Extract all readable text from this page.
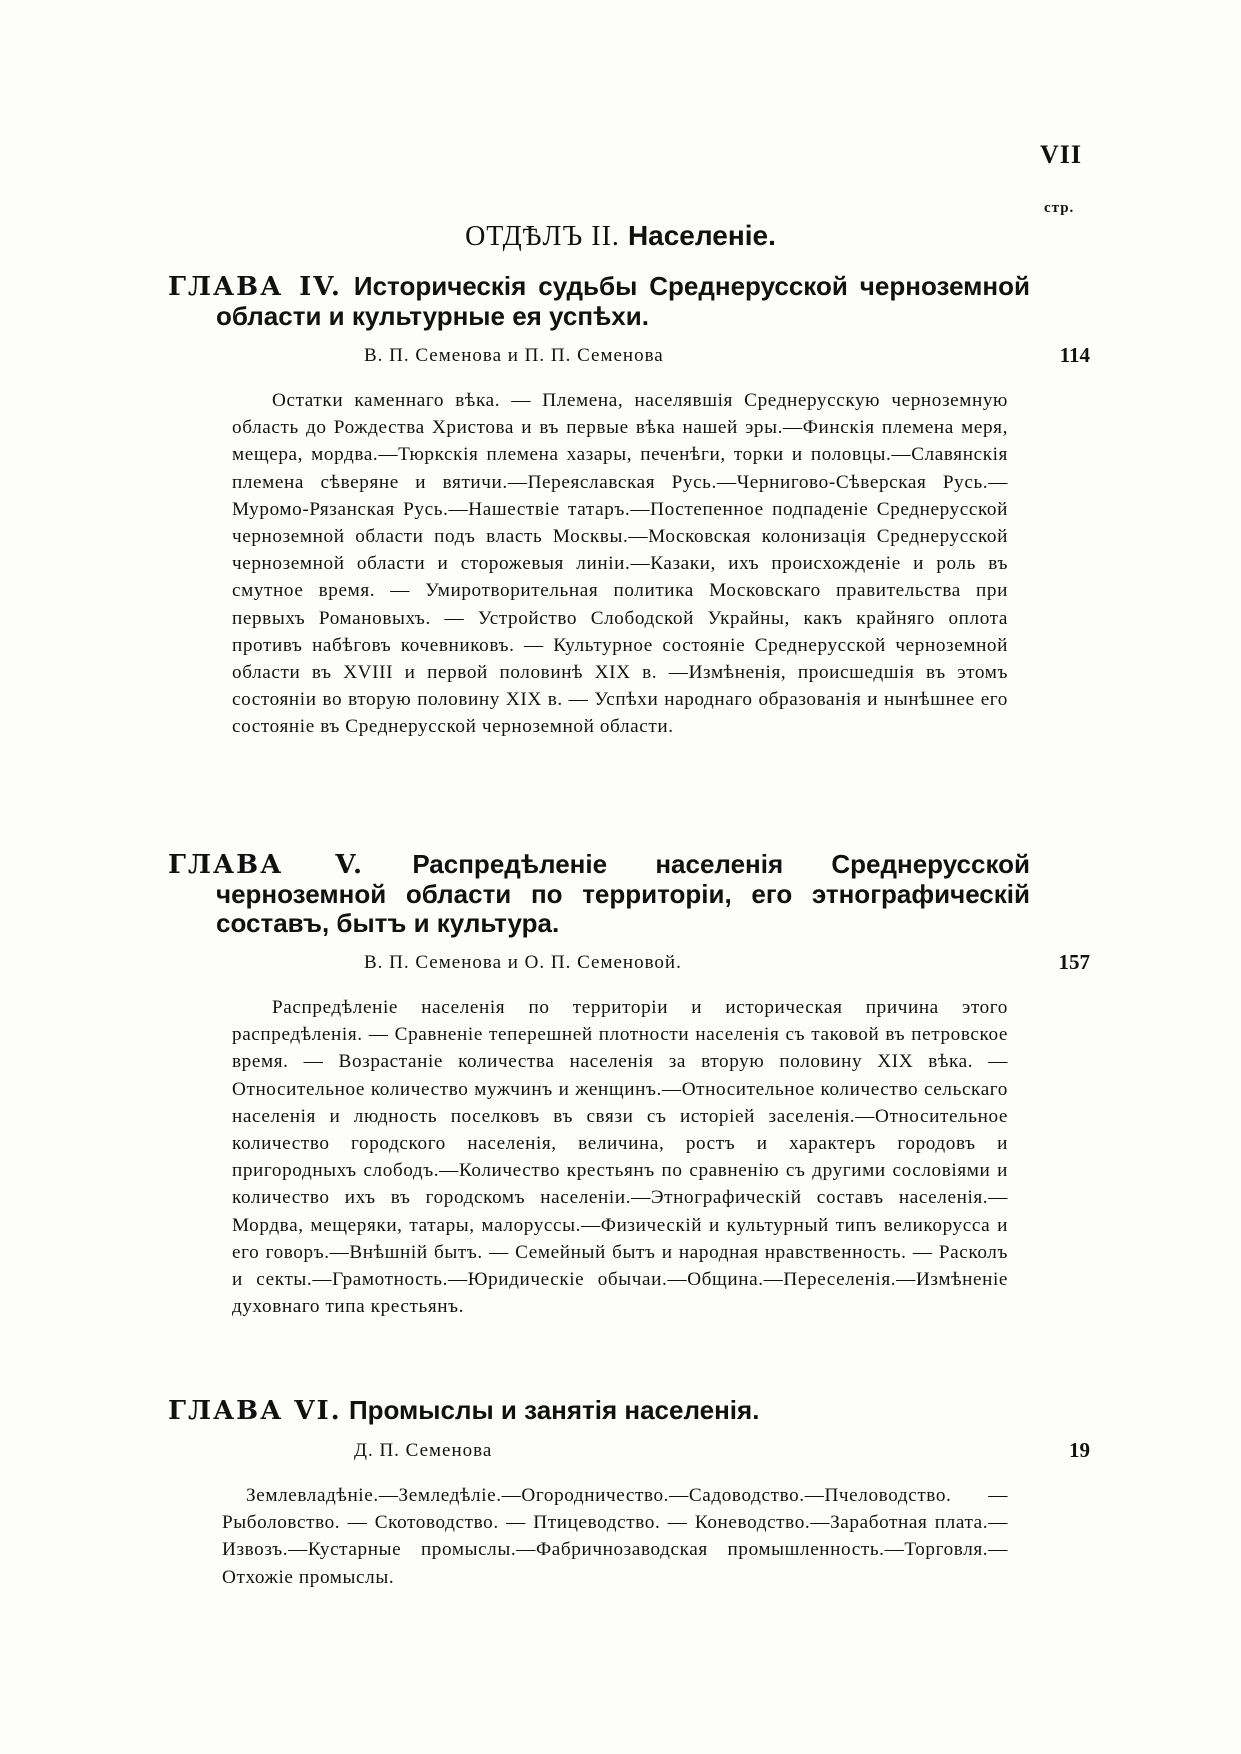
VII
стр.
ОТДѢЛЪ II. Населеніе.
ГЛАВА IV. Историческія судьбы Среднерусской черноземной области и культурные ея успѣхи.
В. П. Семенова и П. П. Семенова	114
Остатки каменнаго вѣка. — Племена, населявшія Среднерусскую черноземную область до Рождества Христова и въ первые вѣка нашей эры.—Финскія племена меря, мещера, мордва.—Тюркскія племена хазары, печенѣги, торки и половцы.—Славянскія племена сѣверяне и вятичи.—Переяславская Русь.—Черниговo-Сѣверская Русь.—Муромо-Рязанская Русь.—Нашествіе татаръ.—Постепенное подпаденіе Среднерусской черноземной области подъ власть Москвы.—Московская колонизація Среднерусской черноземной области и сторожевыя линіи.—Казаки, ихъ происхожденіе и роль въ смутное время. — Умиротворительная политика Московскаго правительства при первыхъ Романовыхъ. — Устройство Слободской Украйны, какъ крайняго оплота противъ набѣговъ кочевниковъ. — Культурное состояніе Среднерусской черноземной области въ XVIII и первой половинѣ XIX в. —Измѣненія, происшедшія въ этомъ состояніи во вторую половину XIX в. — Успѣхи народнаго образованія и нынѣшнее его состояніе въ Среднерусской черноземной области.
ГЛАВА V. Распредѣленіе населенія Среднерусской черноземной области по территоріи, его этнографическій составъ, бытъ и культура.
В. П. Семенова и О. П. Семеновой.	157
Распредѣленіе населенія по территоріи и историческая причина этого распредѣленія. — Сравненіе теперешней плотности населенія съ таковой въ петровское время. — Возрастаніе количества населенія за вторую половину XIX вѣка. — Относительное количество мужчинъ и женщинъ.—Относительное количество сельскаго населенія и людность поселковъ въ связи съ исторіей заселенія.—Относительное количество городского населенія, величина, ростъ и характеръ городовъ и пригородныхъ слободъ.—Количество крестьянъ по сравненію съ другими сословіями и количество ихъ въ городскомъ населеніи.—Этнографическій составъ населенія.—Мордва, мещеряки, татары, малоруссы.—Физическій и культурный типъ великорусса и его говоръ.—Внѣшній бытъ. — Семейный бытъ и народная нравственность. — Расколъ и секты.—Грамотность.—Юридическіе обычаи.—Община.—Переселенія.—Измѣненіе духовнаго типа крестьянъ.
ГЛАВА VI. Промыслы и занятія населенія.
Д. П. Семенова	19
Землевладѣніе.—Земледѣліе.—Огородничество.—Садоводство.—Пчеловодство. — Рыболовство. — Скотоводство. — Птицеводство. — Коневодство.—Заработная плата.—Извозъ.—Кустарные промыслы.—Фабричнозаводская промышленность.—Торговля.—Отхожіе промыслы.
